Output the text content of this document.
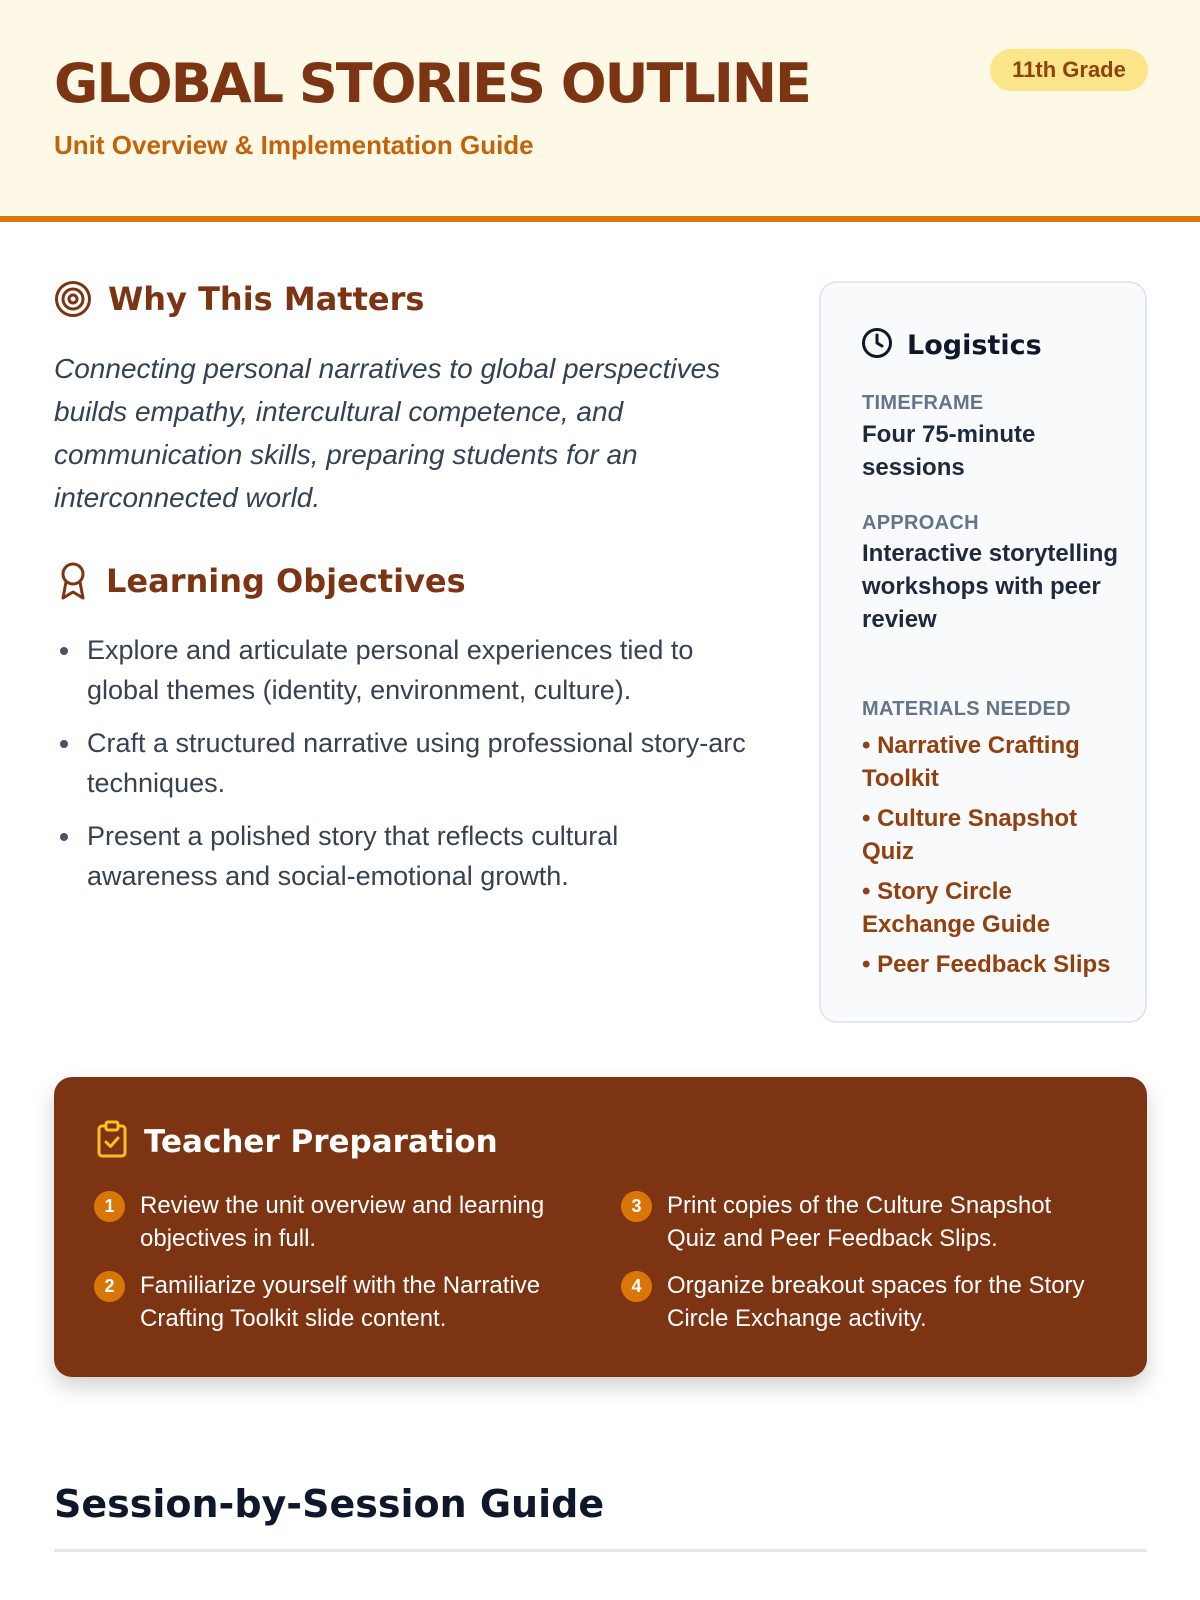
GLOBAL STORIES OUTLINE
Unit Overview & Implementation Guide
11th Grade
Why This Matters
Connecting personal narratives to global perspectives builds empathy, intercultural competence, and communication skills, preparing students for an interconnected world.
Learning Objectives
Explore and articulate personal experiences tied to global themes (identity, environment, culture).
Craft a structured narrative using professional story-arc techniques.
Present a polished story that reflects cultural awareness and social-emotional growth.
Logistics
TIMEFRAME
Four 75-minute sessions
APPROACH
Interactive storytelling workshops with peer review
MATERIALS NEEDED
• Narrative Crafting Toolkit
• Culture Snapshot Quiz
• Story Circle Exchange Guide
• Peer Feedback Slips
Teacher Preparation
1	Review the unit overview and learning objectives in full.
2	Familiarize yourself with the Narrative Crafting Toolkit slide content.
3	Print copies of the Culture Snapshot Quiz and Peer Feedback Slips.
4	Organize breakout spaces for the Story Circle Exchange activity.
Session-by-Session Guide
